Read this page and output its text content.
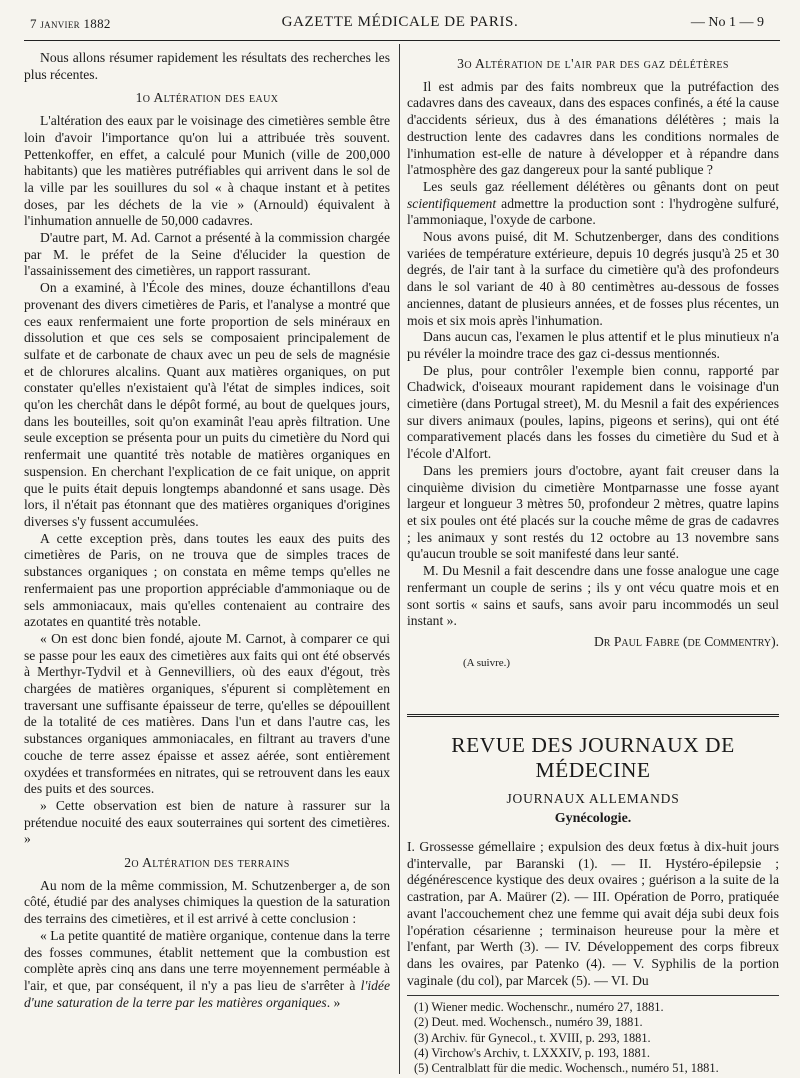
7 janvier 1882	GAZETTE MÉDICALE DE PARIS.	— No 1 — 9

Nous allons résumer rapidement les résultats des recherches les plus récentes.

1o Altération des eaux

L'altération des eaux par le voisinage des cimetières semble être loin d'avoir l'importance qu'on lui a attribuée très souvent. Pettenkoffer, en effet, a calculé pour Munich (ville de 200,000 habitants) que les matières putréfiables qui arrivent dans le sol de la ville par les souillures du sol « à chaque instant et à petites doses, par les déchets de la vie » (Arnould) équivalent à l'inhumation annuelle de 50,000 cadavres.

D'autre part, M. Ad. Carnot a présenté à la commission chargée par M. le préfet de la Seine d'élucider la question de l'assainissement des cimetières, un rapport rassurant.

On a examiné, à l'École des mines, douze échantillons d'eau provenant des divers cimetières de Paris, et l'analyse a montré que ces eaux renfermaient une forte proportion de sels minéraux en dissolution et que ces sels se composaient principalement de sulfate et de carbonate de chaux avec un peu de sels de magnésie et de chlorures alcalins. Quant aux matières organiques, on put constater qu'elles n'existaient qu'à l'état de simples indices, soit qu'on les cherchât dans le dépôt formé, au bout de quelques jours, dans les bouteilles, soit qu'on examinât l'eau après filtration. Une seule exception se présenta pour un puits du cimetière du Nord qui renfermait une quantité très notable de matières organiques en suspension. En cherchant l'explication de ce fait unique, on apprit que le puits était depuis longtemps abandonné et sans usage. Dès lors, il n'était pas étonnant que des matières organiques d'origines diverses s'y fussent accumulées.

A cette exception près, dans toutes les eaux des puits des cimetières de Paris, on ne trouva que de simples traces de substances organiques ; on constata en même temps qu'elles ne renfermaient pas une proportion appréciable d'ammoniaque ou de sels ammoniacaux, mais qu'elles contenaient au contraire des azotates en quantité très notable.

« On est donc bien fondé, ajoute M. Carnot, à comparer ce qui se passe pour les eaux des cimetières aux faits qui ont été observés à Merthyr-Tydvil et à Gennevilliers, où des eaux d'égout, très chargées de matières organiques, s'épurent si complètement en traversant une suffisante épaisseur de terre, qu'elles se dépouillent de la totalité de ces matières. Dans l'un et dans l'autre cas, les substances organiques ammoniacales, en filtrant au travers d'une couche de terre assez épaisse et assez aérée, sont entièrement oxydées et transformées en nitrates, qui se retrouvent dans les eaux des puits et des sources.

» Cette observation est bien de nature à rassurer sur la prétendue nocuité des eaux souterraines qui sortent des cimetières. »

2o Altération des terrains

Au nom de la même commission, M. Schutzenberger a, de son côté, étudié par des analyses chimiques la question de la saturation des terrains des cimetières, et il est arrivé à cette conclusion :

« La petite quantité de matière organique, contenue dans la terre des fosses communes, établit nettement que la combustion est complète après cinq ans dans une terre moyennement perméable à l'air, et que, par conséquent, il n'y a pas lieu de s'arrêter à l'idée d'une saturation de la terre par les matières organiques. »

3o Altération de l'air par des gaz délétères

Il est admis par des faits nombreux que la putréfaction des cadavres dans des caveaux, dans des espaces confinés, a été la cause d'accidents sérieux, dus à des émanations délétères ; mais la destruction lente des cadavres dans les conditions normales de l'inhumation est-elle de nature à développer et à répandre dans l'atmosphère des gaz dangereux pour la santé publique ?

Les seuls gaz réellement délétères ou gênants dont on peut scientifiquement admettre la production sont : l'hydrogène sulfuré, l'ammoniaque, l'oxyde de carbone.

Nous avons puisé, dit M. Schutzenberger, dans des conditions variées de température extérieure, depuis 10 degrés jusqu'à 25 et 30 degrés, de l'air tant à la surface du cimetière qu'à des profondeurs dans le sol variant de 40 à 80 centimètres au-dessous de fosses anciennes, datant de plusieurs années, et de fosses plus récentes, un mois et six mois après l'inhumation.

Dans aucun cas, l'examen le plus attentif et le plus minutieux n'a pu révéler la moindre trace des gaz ci-dessus mentionnés.

De plus, pour contrôler l'exemple bien connu, rapporté par Chadwick, d'oiseaux mourant rapidement dans le voisinage d'un cimetière (dans Portugal street), M. du Mesnil a fait des expériences sur divers animaux (poules, lapins, pigeons et serins), qui ont été comparativement placés dans les fosses du cimetière du Sud et à l'école d'Alfort.

Dans les premiers jours d'octobre, ayant fait creuser dans la cinquième division du cimetière Montparnasse une fosse ayant largeur et longueur 3 mètres 50, profondeur 2 mètres, quatre lapins et six poules ont été placés sur la couche même de gras de cadavres ; les animaux y sont restés du 12 octobre au 13 novembre sans qu'aucun trouble se soit manifesté dans leur santé.

M. Du Mesnil a fait descendre dans une fosse analogue une cage renfermant un couple de serins ; ils y ont vécu quatre mois et en sont sortis « sains et saufs, sans avoir paru incommodés un seul instant ».

Dr Paul Fabre (de Commentry).
(A suivre.)
REVUE DES JOURNAUX DE MÉDECINE
JOURNAUX ALLEMANDS
Gynécologie.
I. Grossesse gémellaire ; expulsion des deux fœtus à dix-huit jours d'intervalle, par Baranski (1). — II. Hystéro-épilepsie ; dégénérescence kystique des deux ovaires ; guérison a la suite de la castration, par A. Maürer (2). — III. Opération de Porro, pratiquée avant l'accouchement chez une femme qui avait déja subi deux fois l'opération césarienne ; terminaison heureuse pour la mère et l'enfant, par Werth (3). — IV. Développement des corps fibreux dans les ovaires, par Patenko (4). — V. Syphilis de la portion vaginale (du col), par Marcek (5). — VI. Du
(1) Wiener medic. Wochenschr., numéro 27, 1881.
(2) Deut. med. Wochensch., numéro 39, 1881.
(3) Archiv. für Gynecol., t. XVIII, p. 293, 1881.
(4) Virchow's Archiv, t. LXXXIV, p. 193, 1881.
(5) Centralblatt für die medic. Wochensch., numéro 51, 1881.
